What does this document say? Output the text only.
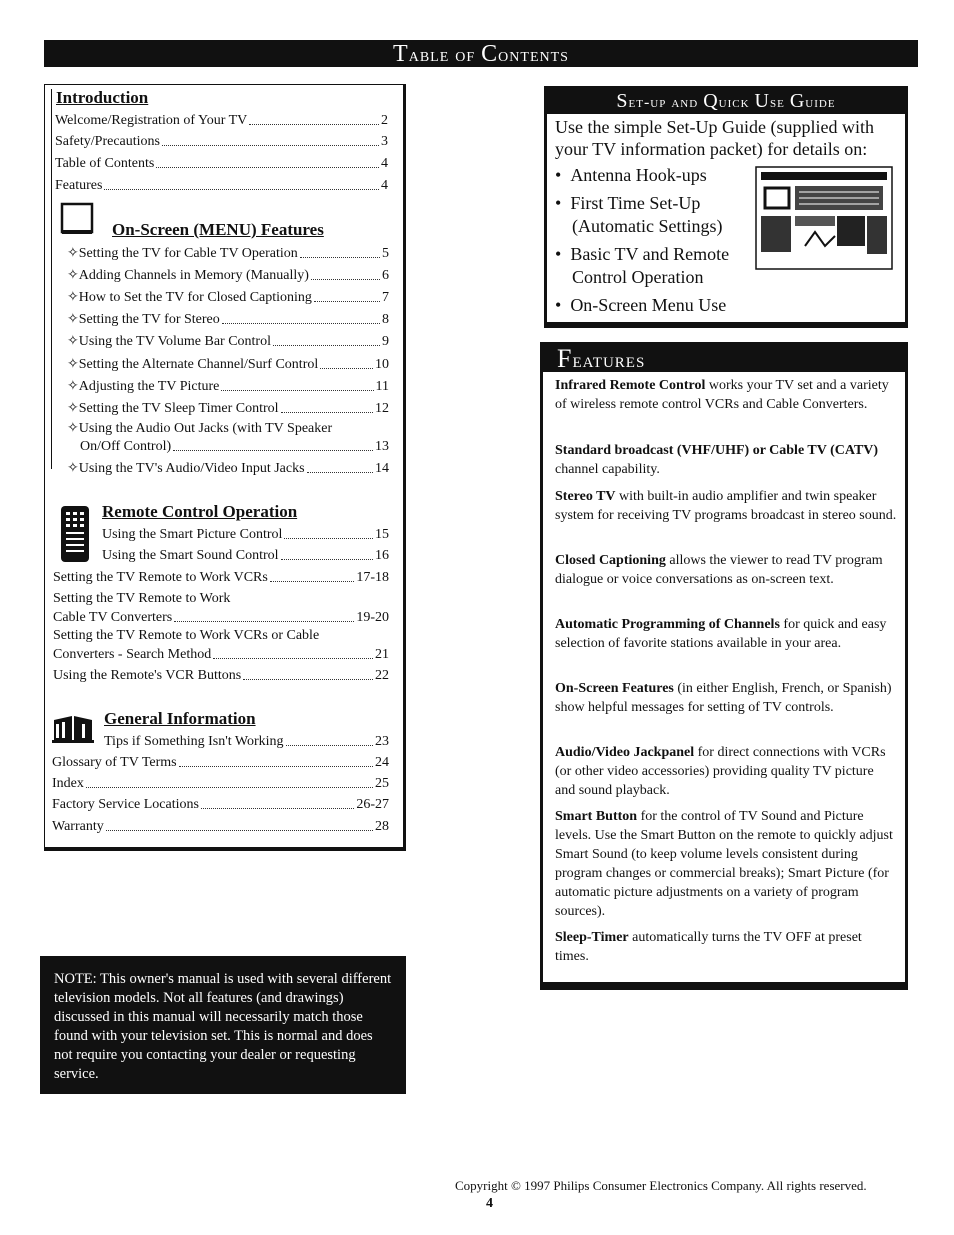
Table of Contents
Introduction
Welcome/Registration of Your TV	2
Safety/Precautions	3
Table of Contents	4
Features	4
On-Screen (MENU) Features
✧Setting the TV for Cable TV Operation	5
✧Adding Channels in Memory (Manually)	6
✧How to Set the TV for Closed Captioning	7
✧Setting the TV for Stereo	8
✧Using the TV Volume Bar Control	9
✧Setting the Alternate Channel/Surf Control	10
✧Adjusting the TV Picture	11
✧Setting the TV Sleep Timer Control	12
✧Using the Audio Out Jacks (with TV Speaker
On/Off Control)	13
✧Using the TV's Audio/Video Input Jacks	14
Remote Control Operation
Using the Smart Picture Control	15
Using the Smart Sound Control	16
Setting the TV Remote to Work VCRs	17-18
Setting the TV Remote to Work
Cable TV Converters	19-20
Setting the TV Remote to Work VCRs or Cable
Converters - Search Method	21
Using the Remote's VCR Buttons	22
General Information
Tips if Something Isn't Working	23
Glossary of TV Terms	24
Index	25
Factory Service Locations	26-27
Warranty	28
Set-up and Quick Use Guide
Use the simple Set-Up Guide (supplied with
your TV information packet) for details on:
•  Antenna Hook-ups
•  First Time Set-Up
(Automatic Settings)
•  Basic TV and Remote
Control Operation
•  On-Screen Menu Use
Features
Infrared Remote Control works your TV set and a variety of wireless remote control VCRs and Cable Converters.
Standard broadcast (VHF/UHF) or Cable TV (CATV) channel capability.
Stereo TV with built-in audio amplifier and twin speaker system for receiving TV programs broadcast in stereo sound.
Closed Captioning allows the viewer to read TV program dialogue or voice conversations as on-screen text.
Automatic Programming of Channels for quick and easy selection of favorite stations available in your area.
On-Screen Features (in either English, French, or Spanish) show helpful messages for setting of TV controls.
Audio/Video Jackpanel for direct connections with VCRs (or other video accessories) providing quality TV picture and sound playback.
Smart Button for the control of TV Sound and Picture levels. Use the Smart Button on the remote to quickly adjust Smart Sound (to keep volume levels consistent during program changes or commercial breaks); Smart Picture (for automatic picture adjustments on a variety of program sources).
Sleep-Timer automatically turns the TV OFF at preset times.
NOTE: This owner's manual is used with several different television models. Not all features (and drawings) discussed in this manual will necessarily match those found with your television set. This is normal and does not require you contacting your dealer or requesting service.
Copyright © 1997 Philips Consumer Electronics Company. All rights reserved.
4
